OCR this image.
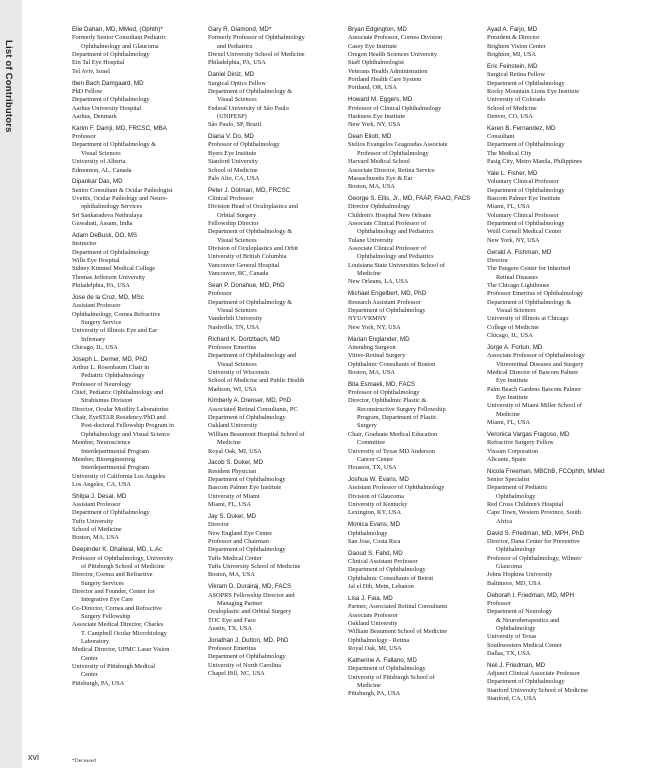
List of Contributors
Elie Dahan, MD, MMed, (Ophth)*
Formerly Senior Consultant Pediatric
Ophthalmology and Glaucoma
Department of Ophthalmology
Ein Tal Eye Hospital
Tel Aviv, Israel
Iben Bach Damgaard, MD
PhD Fellow
Department of Ophthalmology
Aarhus University Hospital
Aarhus, Denmark
Karim F. Damji, MD, FRCSC, MBA
Professor
Department of Ophthalmology &
Visual Sciences
University of Alberta
Edmonton, AL, Canada
Dipankar Das, MD
Senior Consultant & Ocular Pathologist
Uveitis, Ocular Pathology and Neuro-
ophthalmology Services
Sri Sankaradeva Nethralaya
Guwahati, Assam, India
Adam DeBusk, DO, MS
Instructor
Department of Ophthalmology
Wills Eye Hospital
Sidney Kimmel Medical College
Thomas Jefferson University
Philadelphia, PA, USA
Jose de la Cruz, MD, MSc
Assistant Professor
Ophthalmology, Cornea Refractive
Surgery Service
University of Illinois Eye and Ear
Infirmary
Chicago, IL, USA
Joseph L. Demer, MD, PhD
Arthur L. Rosenbaum Chair in
Pediatric Ophthalmology
Professor of Neurology
Chief, Pediatric Ophthalmology and
Strabismus Division
Director, Ocular Motility Laboratories
Chair, EyeSTAR Residency/PhD and
Post-doctoral Fellowship Program in
Ophthalmology and Visual Science
Member, Neuroscience
Interdepartmental Program
Member, Bioengineering
Interdepartmental Program
University of California Los Angeles
Los Angeles, CA, USA
Shilpa J. Desai, MD
Assistant Professor
Department of Ophthalmology
Tufts University
School of Medicine
Boston, MA, USA
Deepinder K. Dhaliwal, MD, L.Ac
Professor of Ophthalmology, University
of Pittsburgh School of Medicine
Director, Cornea and Refractive
Surgery Services
Director and Founder, Center for
Integrative Eye Care
Co-Director, Cornea and Refractive
Surgery Fellowship
Associate Medical Director, Charles
T. Campbell Ocular Microbiology
Laboratory
Medical Director, UPMC Laser Vision
Center
University of Pittsburgh Medical
Center
Pittsburgh, PA, USA
Gary R. Diamond, MD*
Formerly Professor of Ophthalmology
and Pediatrics
Drexel University School of Medicine
Philadelphia, PA, USA
Daniel Diniz, MD
Surgical Optics Fellow
Department of Ophthalmology &
Visual Sciences
Federal University of São Paulo
(UNIFESP)
São Paulo, SP, Brazil
Diana V. Do, MD
Professor of Ophthalmology
Byers Eye Institute
Stanford University
School of Medicine
Palo Alto, CA, USA
Peter J. Dolman, MD, FRCSC
Clinical Professor
Division Head of Oculoplastics and
Orbital Surgery
Fellowship Director
Department of Ophthalmology &
Visual Sciences
Division of Oculoplastics and Orbit
University of British Columbia
Vancouver General Hospital
Vancouver, BC, Canada
Sean P. Donahue, MD, PhD
Professor
Department of Ophthalmology &
Visual Sciences
Vanderbilt University
Nashville, TN, USA
Richard K. Dortzbach, MD
Professor Emeritus
Department of Ophthalmology and
Visual Sciences
University of Wisconsin
School of Medicine and Public Health
Madison, WI, USA
Kimberly A. Drenser, MD, PhD
Associated Retinal Consultants, PC
Department of Ophthalmology
Oakland University
William Beaumont Hospital School of
Medicine
Royal Oak, MI, USA
Jacob S. Duker, MD
Resident Physician
Department of Ophthalmology
Bascom Palmer Eye Institute
University of Miami
Miami, FL, USA
Jay S. Duker, MD
Director
New England Eye Center
Professor and Chairman
Department of Ophthalmology
Tufts Medical Center
Tufts University School of Medicine
Boston, MA, USA
Vikram D. Durairaj, MD, FACS
ASOPRS Fellowship Director and
Managing Partner
Oculoplastic and Orbital Surgery
TOC Eye and Face
Austin, TX, USA
Jonathan J. Dutton, MD, PhD
Professor Emeritus
Department of Ophthalmology
University of North Carolina
Chapel Hill, NC, USA
Bryan Edgington, MD
Associate Professor, Cornea Division
Casey Eye Institute
Oregon Health Sciences University
Staff Ophthalmologist
Veterans Health Administration
Portland Health Care System
Portland, OR, USA
Howard M. Eggers, MD
Professor of Clinical Ophthalmology
Harkness Eye Institute
New York, NY, USA
Dean Eliott, MD
Stelios Evangelos Gragoudas Associate
Professor of Ophthalmology
Harvard Medical School
Associate Director, Retina Service
Massachusetts Eye & Ear
Boston, MA, USA
George S. Ellis, Jr., MD, FAAP, FAAO, FACS
Director Ophthalmology
Children's Hospital New Orleans
Associate Clinical Professor of
Ophthalmology and Pediatrics
Tulane University
Associate Clinical Professor of
Ophthalmology and Pediatrics
Louisiana State Universities School of
Medicine
New Orleans, LA, USA
Michael Engelbert, MD, PhD
Research Assistant Professor
Department of Ophthalmology
NYU/VRMNY
New York, NY, USA
Marian Englander, MD
Attending Surgeon
Vitreo-Retinal Surgery
Ophthalmic Consultants of Boston
Boston, MA, USA
Bita Esmaeli, MD, FACS
Professor of Ophthalmology
Director, Ophthalmic Plastic &
Reconstructive Surgery Fellowship
Program, Department of Plastic
Surgery
Chair, Graduate Medical Education
Committee
University of Texas MD Anderson
Cancer Center
Houston, TX, USA
Joshua W. Evans, MD
Assistant Professor of Ophthalmology
Division of Glaucoma
University of Kentucky
Lexington, KY, USA
Monica Evans, MD
Ophthalmology
San Jose, Costa Rica
Daoud S. Fahd, MD
Clinical Assistant Professor
Department of Ophthalmology
Ophthalmic Consultants of Beirut
Jal el Dib, Metn, Lebanon
Lisa J. Faia, MD
Partner, Associated Retinal Consultants
Associate Professor
Oakland University
William Beaumont School of Medicine
Ophthalmology - Retina
Royal Oak, MI, USA
Katherine A. Fallano, MD
Department of Ophthalmology
University of Pittsburgh School of
Medicine
Pittsburgh, PA, USA
Ayad A. Farjo, MD
President & Director
Brighton Vision Center
Brighton, MI, USA
Eric Feinstein, MD
Surgical Retina Fellow
Department of Ophthalmology
Rocky Mountain Lions Eye Institute
University of Colorado
School of Medicine
Denver, CO, USA
Karen B. Fernandez, MD
Consultant
Department of Ophthalmology
The Medical City
Pasig City, Metro Manila, Philippines
Yale L. Fisher, MD
Voluntary Clinical Professor
Department of Ophthalmology
Bascom Palmer Eye Institute
Miami, FL, USA
Voluntary Clinical Professor
Department of Ophthalmology
Weill Cornell Medical Center
New York, NY, USA
Gerald A. Fishman, MD
Director
The Pangere Center for Inherited
Retinal Diseases
The Chicago Lighthouse
Professor Emeritus of Ophthalmology
Department of Ophthalmology &
Visual Sciences
University of Illinois at Chicago
College of Medicine
Chicago, IL, USA
Jorge A. Fortun, MD
Associate Professor of Ophthalmology
Vitreoretinal Diseases and Surgery
Medical Director of Bascom Palmer
Eye Institute
Palm Beach Gardens Bascom Palmer
Eye Institute
University of Miami Miller School of
Medicine
Miami, FL, USA
Veronica Vargas Fragoso, MD
Refractive Surgery Fellow
Vissum Corporation
Alicante, Spain
Nicola Freeman, MBChB, FCOphth, MMed
Senior Specialist
Department of Pediatric
Ophthalmology
Red Cross Children's Hospital
Cape Town, Western Province, South
Africa
David S. Friedman, MD, MPH, PhD
Director, Dana Center for Preventive
Ophthalmology
Professor of Ophthalmology, Wilmer/
Glaucoma
Johns Hopkins University
Baltimore, MD, USA
Deborah I. Friedman, MD, MPH
Professor
Department of Neurology
& Neurotherapeutics and
Ophthalmology
University of Texas
Southwestern Medical Center
Dallas, TX, USA
Neil J. Friedman, MD
Adjunct Clinical Associate Professor
Department of Ophthalmology
Stanford University School of Medicine
Stanford, CA, USA
xvi	*Deceased
